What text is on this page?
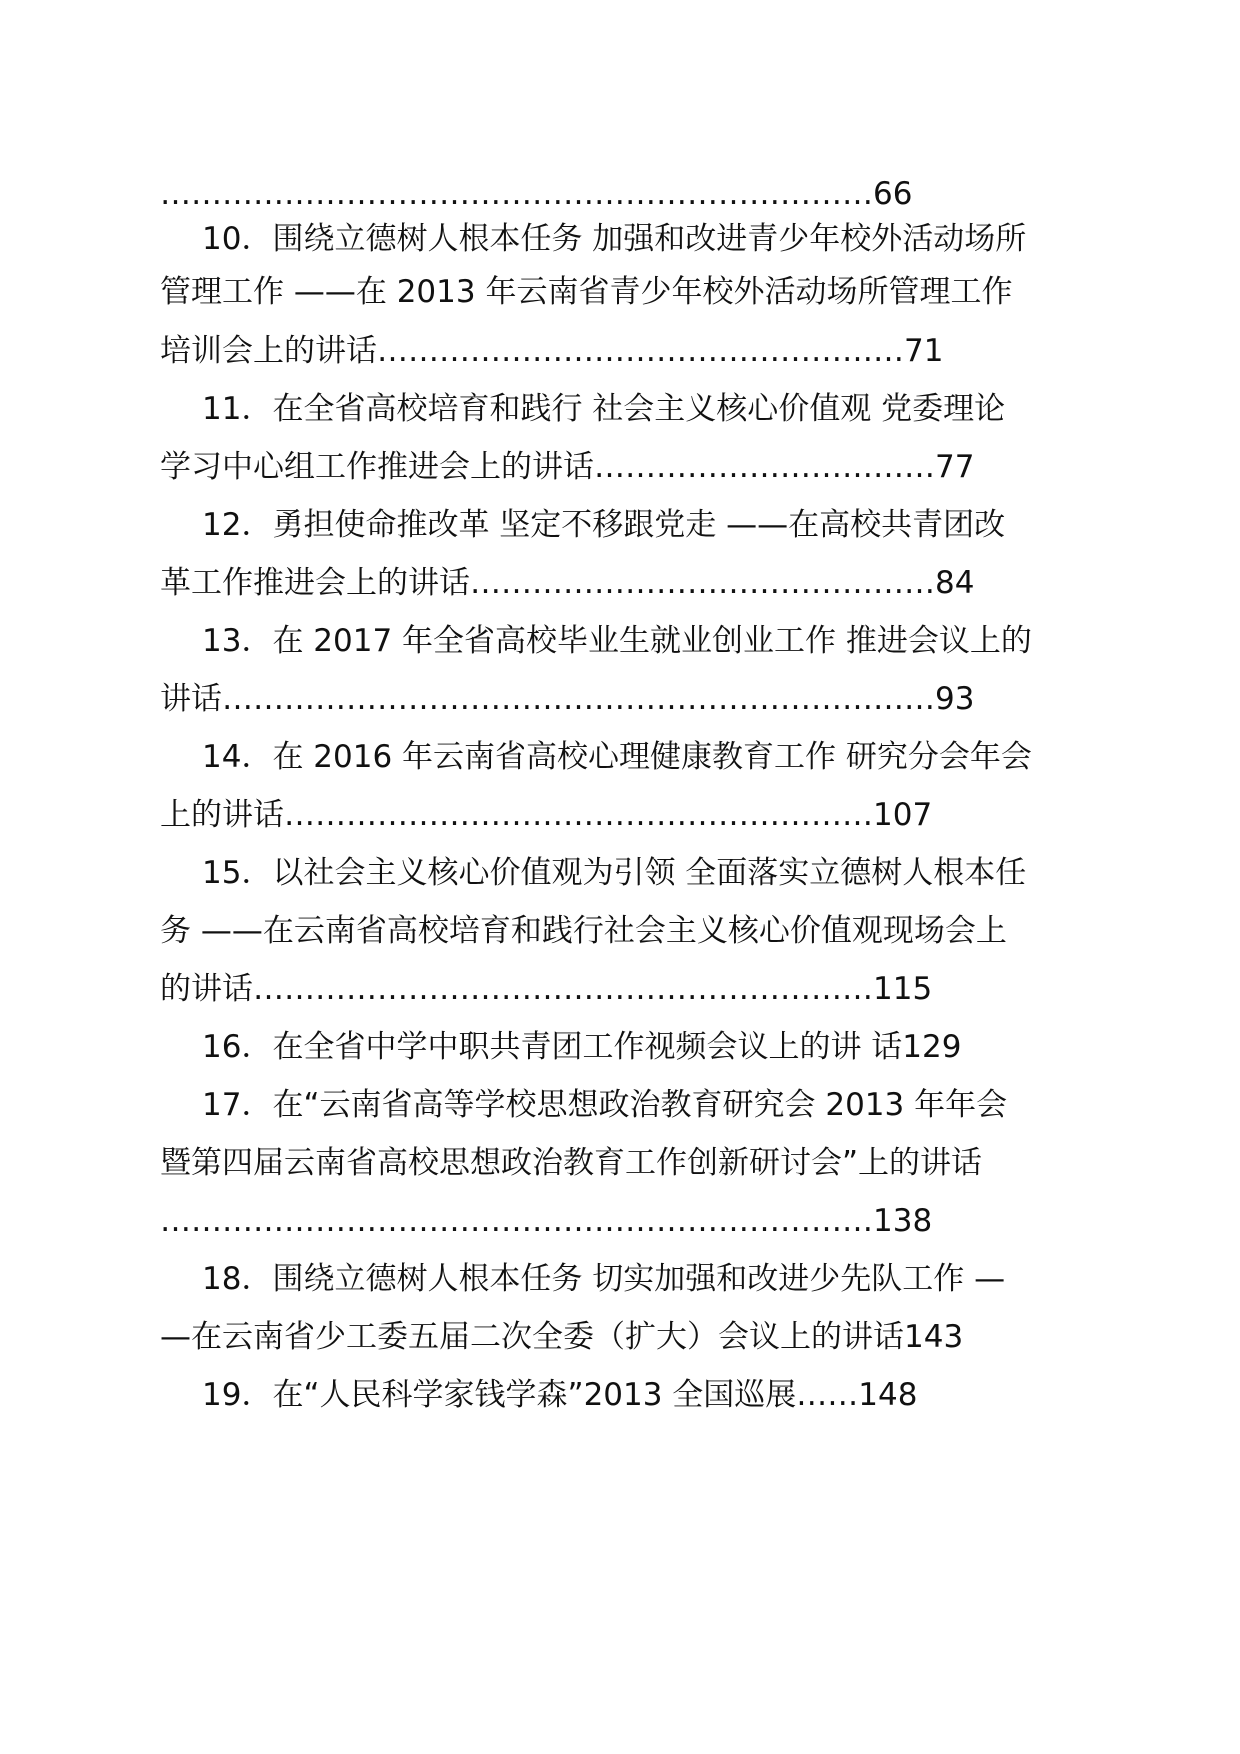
……………………………………………………………66
10．围绕立德树人根本任务 加强和改进青少年校外活动场所
管理工作 ——在 2013 年云南省青少年校外活动场所管理工作
培训会上的讲话……………………………………………71
11．在全省高校培育和践行 社会主义核心价值观 党委理论
学习中心组工作推进会上的讲话……………………………77
12．勇担使命推改革 坚定不移跟党走 ——在高校共青团改
革工作推进会上的讲话………………………………………84
13．在 2017 年全省高校毕业生就业创业工作 推进会议上的
讲话……………………………………………………………93
14．在 2016 年云南省高校心理健康教育工作 研究分会年会
上的讲话…………………………………………………107
15．以社会主义核心价值观为引领 全面落实立德树人根本任
务 ——在云南省高校培育和践行社会主义核心价值观现场会上
的讲话……………………………………………………115
16．在全省中学中职共青团工作视频会议上的讲 话129
17．在“云南省高等学校思想政治教育研究会 2013 年年会
暨第四届云南省高校思想政治教育工作创新研讨会”上的讲话
……………………………………………………………138
18．围绕立德树人根本任务 切实加强和改进少先队工作 —
—在云南省少工委五届二次全委（扩大）会议上的讲话143
19．在“人民科学家钱学森”2013 全国巡展……148
